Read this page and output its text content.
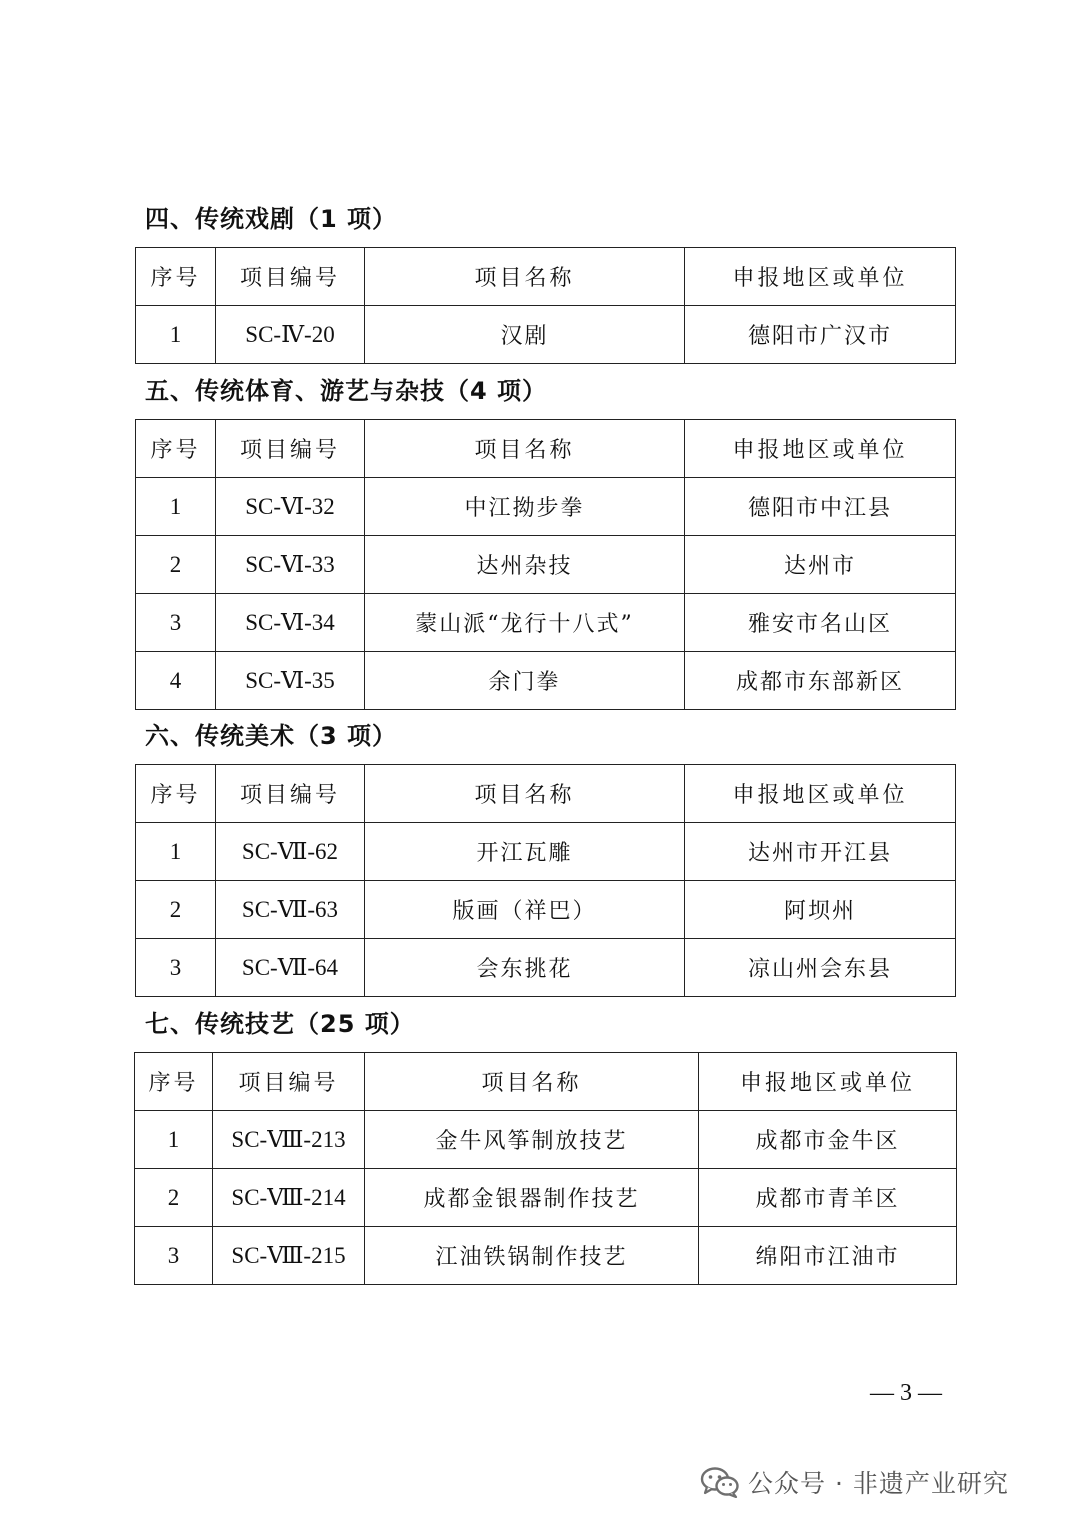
四、传统戏剧（1 项）
序号	项目编号	项目名称	申报地区或单位
1	SC-Ⅳ-20	汉剧	德阳市广汉市
五、传统体育、游艺与杂技（4 项）
序号	项目编号	项目名称	申报地区或单位
1	SC-Ⅵ-32	中江拗步拳	德阳市中江县
2	SC-Ⅵ-33	达州杂技	达州市
3	SC-Ⅵ-34	蒙山派“龙行十八式”	雅安市名山区
4	SC-Ⅵ-35	余门拳	成都市东部新区
六、传统美术（3 项）
序号	项目编号	项目名称	申报地区或单位
1	SC-Ⅶ-62	开江瓦雕	达州市开江县
2	SC-Ⅶ-63	版画（祥巴）	阿坝州
3	SC-Ⅶ-64	会东挑花	凉山州会东县
七、传统技艺（25 项）
序号	项目编号	项目名称	申报地区或单位
1	SC-Ⅷ-213	金牛风筝制放技艺	成都市金牛区
2	SC-Ⅷ-214	成都金银器制作技艺	成都市青羊区
3	SC-Ⅷ-215	江油铁锅制作技艺	绵阳市江油市
— 3 —
公众号 · 非遗产业研究
